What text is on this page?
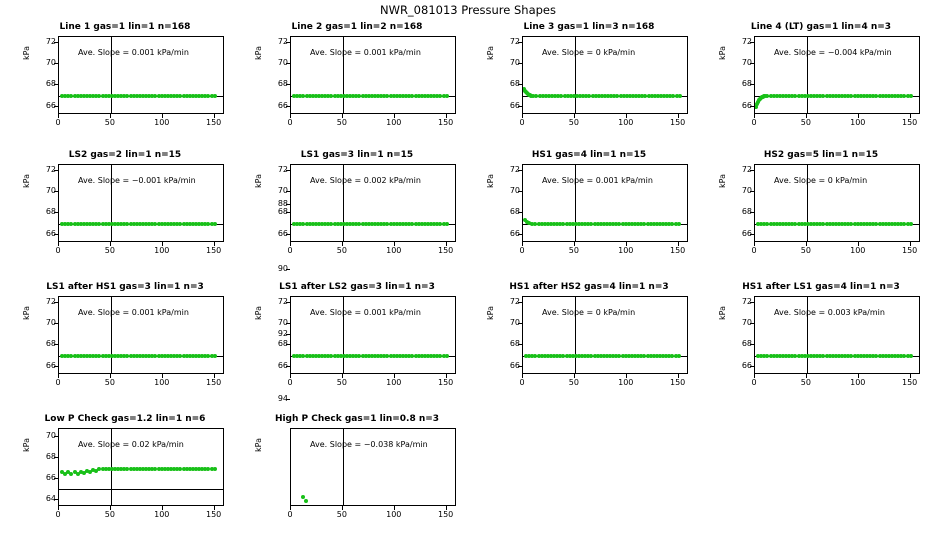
NWR_081013 Pressure Shapes
Line 1 gas=1 lin=1 n=168
kPa
66
68
70
72
Ave. Slope = 0.001 kPa/min
0	50	100	150
Line 2 gas=1 lin=2 n=168
kPa
66
68
70
72
Ave. Slope = 0.001 kPa/min
0	50	100	150
Line 3 gas=1 lin=3 n=168
kPa
66
68
70
72
Ave. Slope = 0 kPa/min
0	50	100	150
Line 4 (LT) gas=1 lin=4 n=3
kPa
66
68
70
72
Ave. Slope = −0.004 kPa/min
0	50	100	150
LS2 gas=2 lin=1 n=15
kPa
66
68
70
72
Ave. Slope = −0.001 kPa/min
0	50	100	150
LS1 gas=3 lin=1 n=15
kPa
66
68
70
72
Ave. Slope = 0.002 kPa/min
0	50	100	150
HS1 gas=4 lin=1 n=15
kPa
66
68
70
72
Ave. Slope = 0.001 kPa/min
0	50	100	150
HS2 gas=5 lin=1 n=15
kPa
66
68
70
72
Ave. Slope = 0 kPa/min
0	50	100	150
LS1 after HS1 gas=3 lin=1 n=3
kPa
66
68
70
72
Ave. Slope = 0.001 kPa/min
0	50	100	150
LS1 after LS2 gas=3 lin=1 n=3
kPa
66
68
70
72
Ave. Slope = 0.001 kPa/min
0	50	100	150
HS1 after HS2 gas=4 lin=1 n=3
kPa
66
68
70
72
Ave. Slope = 0 kPa/min
0	50	100	150
HS1 after LS1 gas=4 lin=1 n=3
kPa
66
68
70
72
Ave. Slope = 0.003 kPa/min
0	50	100	150
Low P Check gas=1.2 lin=1 n=6
kPa
64
66
68
70
Ave. Slope = 0.02 kPa/min
0	50	100	150
High P Check gas=1 lin=0.8 n=3
kPa
88
90
92
94
Ave. Slope = −0.038 kPa/min
0	50	100	150
